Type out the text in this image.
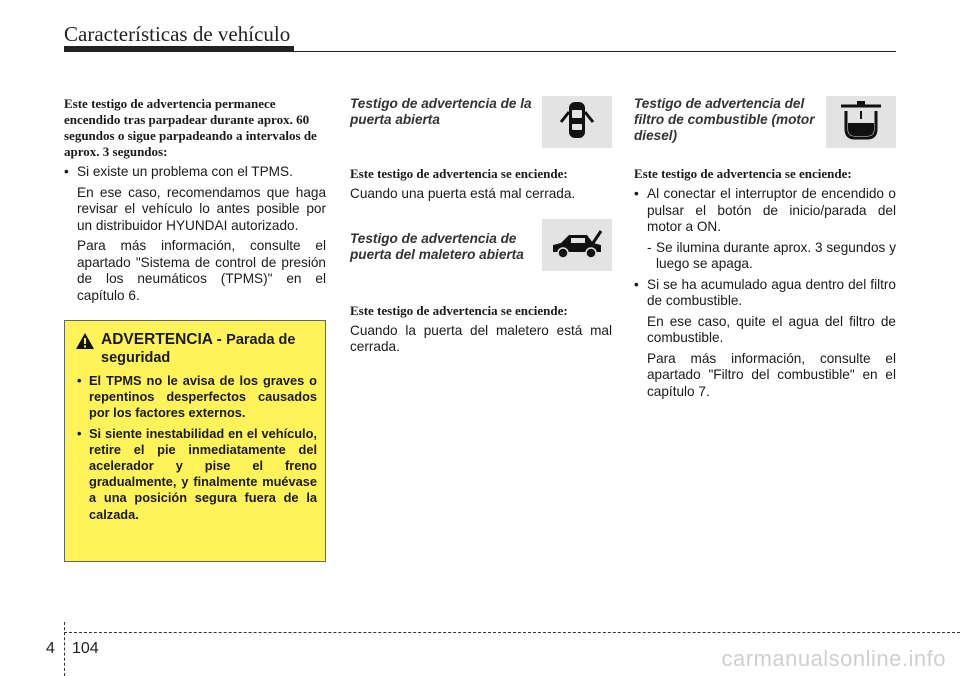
Características de vehículo

Este testigo de advertencia permanece encendido tras parpadear durante aprox. 60 segundos o sigue parpadeando a intervalos de aprox. 3 segundos:

• Si existe un problema con el TPMS.

En ese caso, recomendamos que haga revisar el vehículo lo antes posible por un distribuidor HYUNDAI autorizado.

Para más información, consulte el apartado "Sistema de control de presión de los neumáticos (TPMS)" en el capítulo 6.

ADVERTENCIA - Parada de seguridad

• El TPMS no le avisa de los graves o repentinos desperfectos causados por los factores externos.

• Si siente inestabilidad en el vehículo, retire el pie inmediatamente del acelerador y pise el freno gradualmente, y finalmente muévase a una posición segura fuera de la calzada.

Testigo de advertencia de la puerta abierta

Este testigo de advertencia se enciende:

Cuando una puerta está mal cerrada.

Testigo de advertencia de puerta del maletero abierta

Este testigo de advertencia se enciende:

Cuando la puerta del maletero está mal cerrada.

Testigo de advertencia del filtro de combustible (motor diesel)

Este testigo de advertencia se enciende:

• Al conectar el interruptor de encendido o pulsar el botón de inicio/parada del motor a ON.

- Se ilumina durante aprox. 3 segundos y luego se apaga.

• Si se ha acumulado agua dentro del filtro de combustible.

En ese caso, quite el agua del filtro de combustible.

Para más información, consulte el apartado "Filtro del combustible" en el capítulo 7.

4 104	carmanualsonline.info
